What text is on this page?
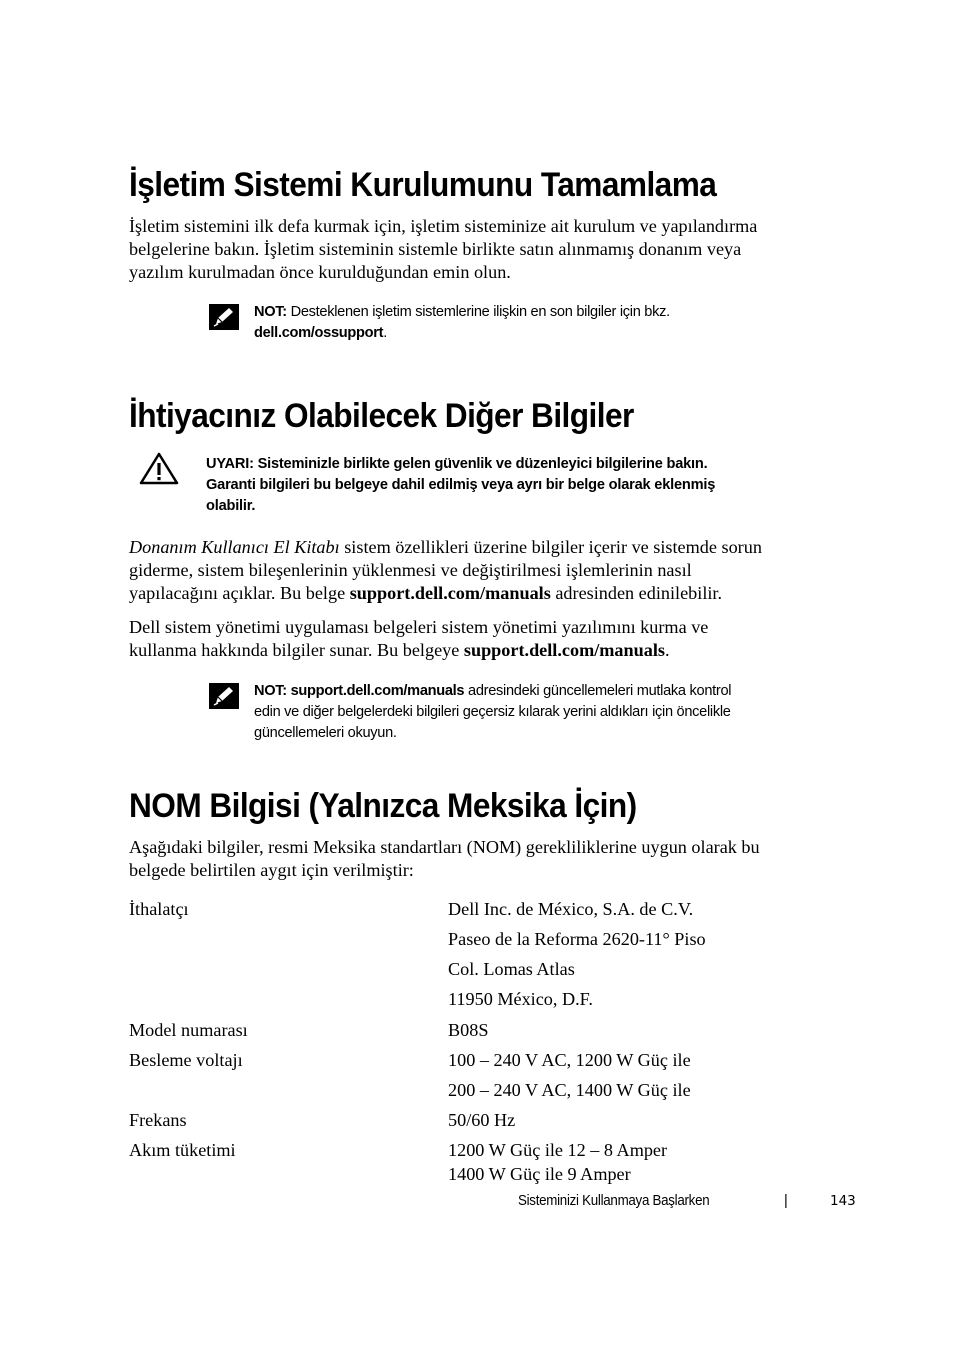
İşletim Sistemi Kurulumunu Tamamlama
İşletim sistemini ilk defa kurmak için, işletim sisteminize ait kurulum ve yapılandırma
belgelerine bakın. İşletim sisteminin sistemle birlikte satın alınmamış donanım veya
yazılım kurulmadan önce kurulduğundan emin olun.
NOT: Desteklenen işletim sistemlerine ilişkin en son bilgiler için bkz.
dell.com/ossupport.
İhtiyacınız Olabilecek Diğer Bilgiler
UYARI: Sisteminizle birlikte gelen güvenlik ve düzenleyici bilgilerine bakın.
Garanti bilgileri bu belgeye dahil edilmiş veya ayrı bir belge olarak eklenmiş
olabilir.
Donanım Kullanıcı El Kitabı sistem özellikleri üzerine bilgiler içerir ve sistemde sorun
giderme, sistem bileşenlerinin yüklenmesi ve değiştirilmesi işlemlerinin nasıl
yapılacağını açıklar. Bu belge support.dell.com/manuals adresinden edinilebilir.
Dell sistem yönetimi uygulaması belgeleri sistem yönetimi yazılımını kurma ve
kullanma hakkında bilgiler sunar. Bu belgeye support.dell.com/manuals.
NOT: support.dell.com/manuals adresindeki güncellemeleri mutlaka kontrol
edin ve diğer belgelerdeki bilgileri geçersiz kılarak yerini aldıkları için öncelikle
güncellemeleri okuyun.
NOM Bilgisi (Yalnızca Meksika İçin)
Aşağıdaki bilgiler, resmi Meksika standartları (NOM) gerekliliklerine uygun olarak bu
belgede belirtilen aygıt için verilmiştir:
İthalatçı	Dell Inc. de México, S.A. de C.V.
Paseo de la Reforma 2620-11° Piso
Col. Lomas Atlas
11950 México, D.F.
Model numarası	B08S
Besleme voltajı	100 – 240 V AC, 1200 W Güç ile
200 – 240 V AC, 1400 W Güç ile
Frekans	50/60 Hz
Akım tüketimi	1200 W Güç ile 12 – 8 Amper
1400 W Güç ile 9 Amper
Sisteminizi Kullanmaya Başlarken	|	143
